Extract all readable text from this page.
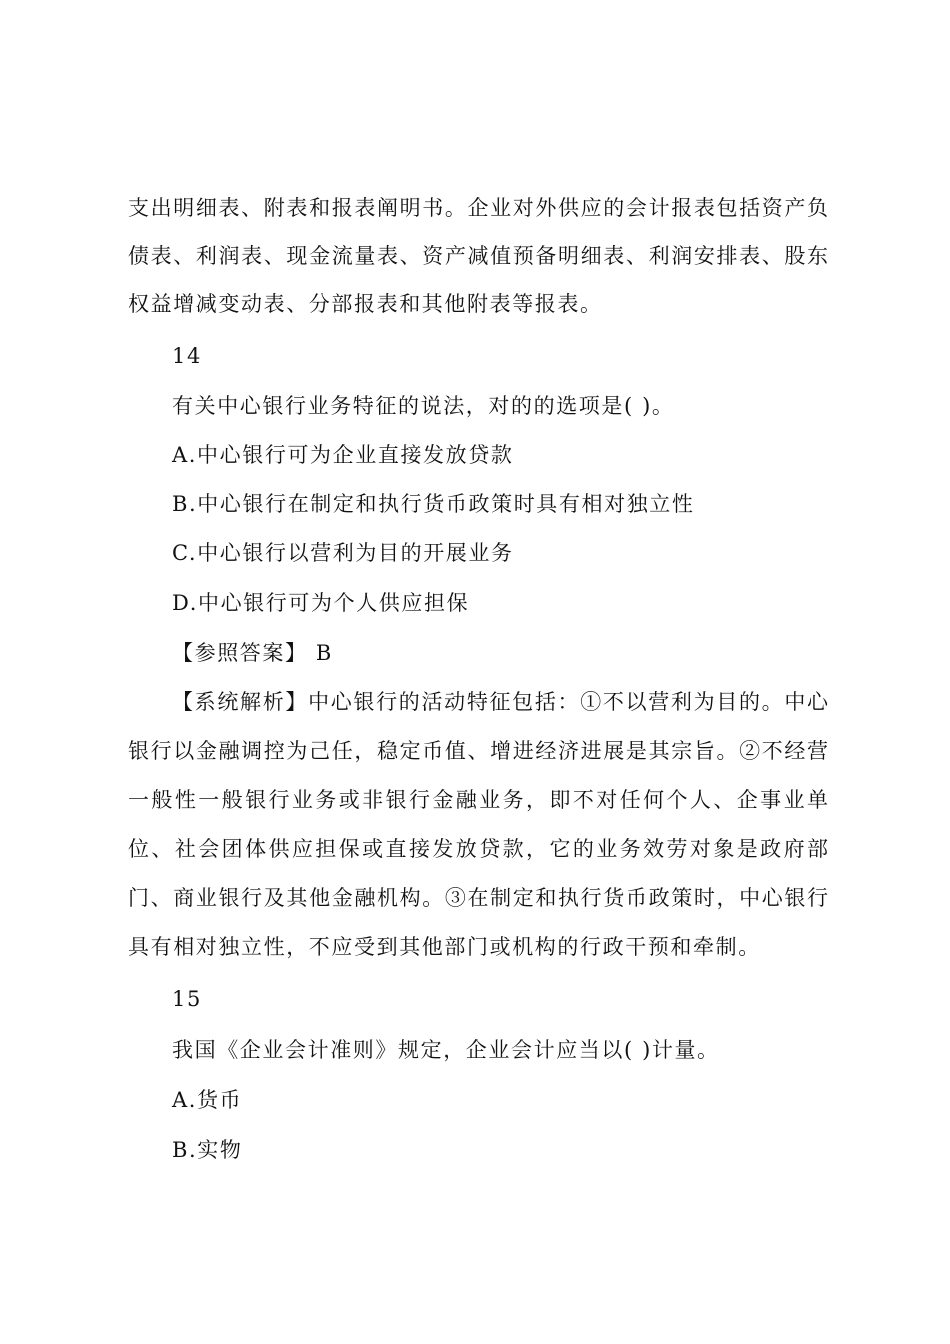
支出明细表、附表和报表阐明书。企业对外供应的会计报表包括资产负
债表、利润表、现金流量表、资产减值预备明细表、利润安排表、股东
权益增减变动表、分部报表和其他附表等报表。
14
有关中心银行业务特征的说法，对的的选项是( )。
A.中心银行可为企业直接发放贷款
B.中心银行在制定和执行货币政策时具有相对独立性
C.中心银行以营利为目的开展业务
D.中心银行可为个人供应担保
【参照答案】 B
【系统解析】中心银行的活动特征包括：①不以营利为目的。中心
银行以金融调控为己任，稳定币值、增进经济进展是其宗旨。②不经营
一般性一般银行业务或非银行金融业务，即不对任何个人、企事业单
位、社会团体供应担保或直接发放贷款，它的业务效劳对象是政府部
门、商业银行及其他金融机构。③在制定和执行货币政策时，中心银行
具有相对独立性，不应受到其他部门或机构的行政干预和牵制。
15
我国《企业会计准则》规定，企业会计应当以( )计量。
A.货币
B.实物
